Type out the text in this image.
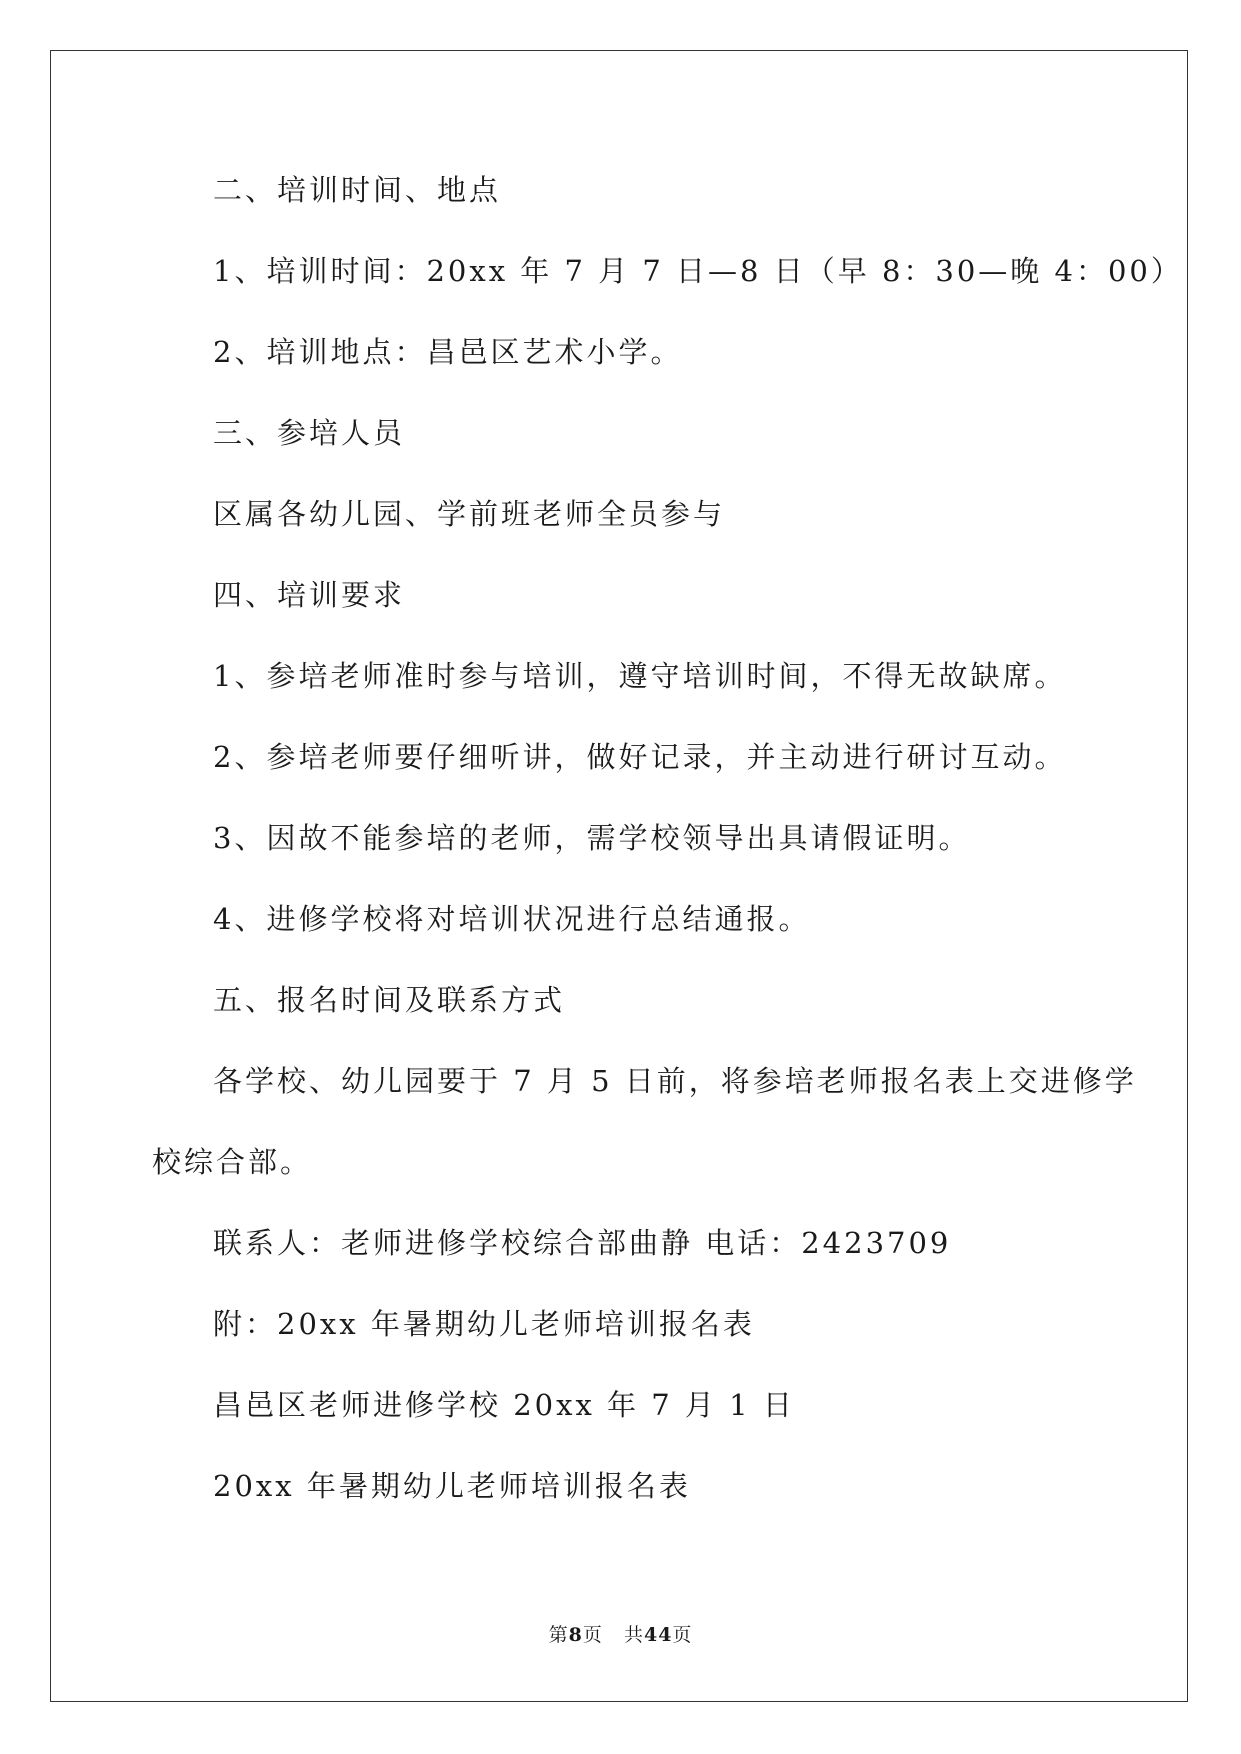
二、培训时间、地点
1、培训时间：20xx 年 7 月 7 日—8 日（早 8：30—晚 4：00）
2、培训地点：昌邑区艺术小学。
三、参培人员
区属各幼儿园、学前班老师全员参与
四、培训要求
1、参培老师准时参与培训，遵守培训时间，不得无故缺席。
2、参培老师要仔细听讲，做好记录，并主动进行研讨互动。
3、因故不能参培的老师，需学校领导出具请假证明。
4、进修学校将对培训状况进行总结通报。
五、报名时间及联系方式
各学校、幼儿园要于 7 月 5 日前，将参培老师报名表上交进修学
校综合部。
联系人：老师进修学校综合部曲静 电话：2423709
附：20xx 年暑期幼儿老师培训报名表
昌邑区老师进修学校 20xx 年 7 月 1 日
20xx 年暑期幼儿老师培训报名表
第8页 共44页
